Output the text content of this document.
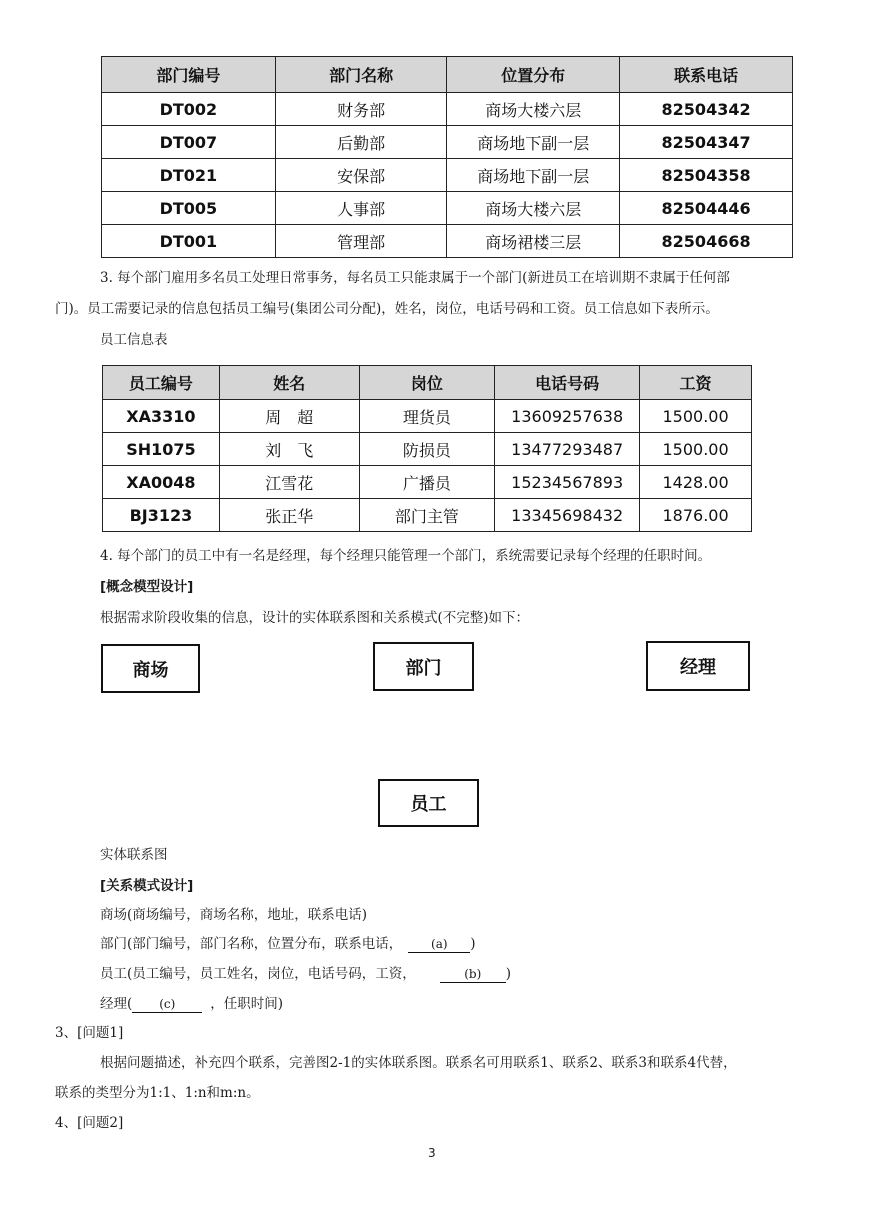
部门编号	部门名称	位置分布	联系电话
DT002	财务部	商场大楼六层	82504342
DT007	后勤部	商场地下副一层	82504347
DT021	安保部	商场地下副一层	82504358
DT005	人事部	商场大楼六层	82504446
DT001	管理部	商场裙楼三层	82504668
3. 每个部门雇用多名员工处理日常事务，每名员工只能隶属于一个部门(新进员工在培训期不隶属于任何部
门)。员工需要记录的信息包括员工编号(集团公司分配)，姓名，岗位，电话号码和工资。员工信息如下表所示。
员工信息表
员工编号	姓名	岗位	电话号码	工资
XA3310	周　超	理货员	13609257638	1500.00
SH1075	刘　飞	防损员	13477293487	1500.00
XA0048	江雪花	广播员	15234567893	1428.00
BJ3123	张正华	部门主管	13345698432	1876.00
4. 每个部门的员工中有一名是经理，每个经理只能管理一个部门，系统需要记录每个经理的任职时间。
[概念模型设计]
根据需求阶段收集的信息，设计的实体联系图和关系模式(不完整)如下：
商场	部门	经理
员工
实体联系图
[关系模式设计]
商场(商场编号，商场名称，地址，联系电话)
部门(部门编号，部门名称，位置分布，联系电话， (a) )
员工(员工编号，员工姓名，岗位，电话号码，工资，	(b) )
经理( (c)	，任职时间)
3、[问题1]
根据问题描述，补充四个联系，完善图2-1的实体联系图。联系名可用联系1、联系2、联系3和联系4代替，
联系的类型分为1:1、1:n和m:n。
4、[问题2]
3
